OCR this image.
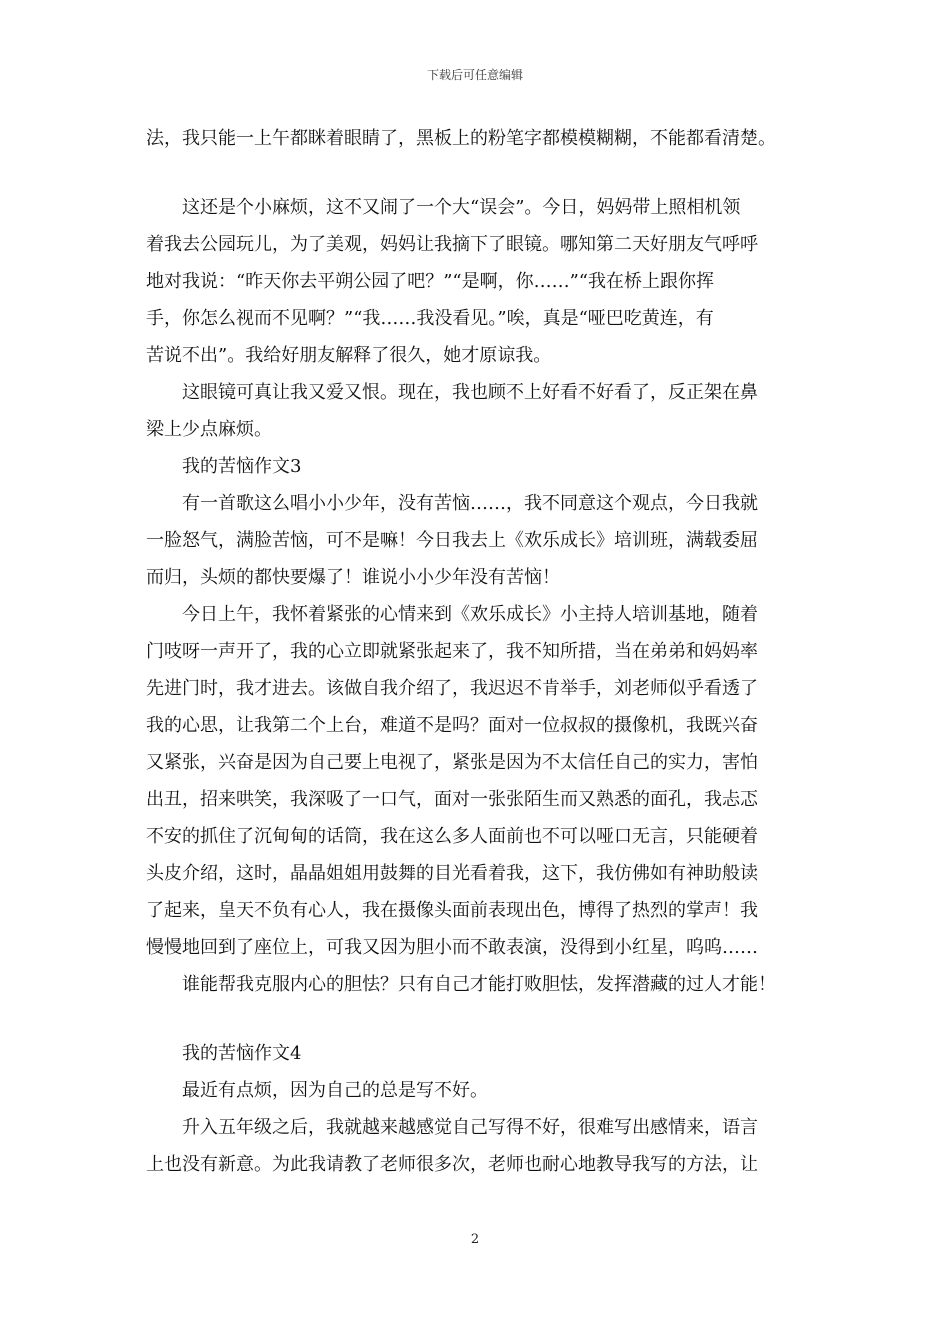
下载后可任意编辑
法，我只能一上午都眯着眼睛了，黑板上的粉笔字都模模糊糊，不能都看清楚。
这还是个小麻烦，这不又闹了一个大“误会”。今日，妈妈带上照相机领
着我去公园玩儿，为了美观，妈妈让我摘下了眼镜。哪知第二天好朋友气呼呼
地对我说：“昨天你去平朔公园了吧？”“是啊，你……”“我在桥上跟你挥
手，你怎么视而不见啊？”“我……我没看见。”唉，真是“哑巴吃黄连，有
苦说不出”。我给好朋友解释了很久，她才原谅我。
这眼镜可真让我又爱又恨。现在，我也顾不上好看不好看了，反正架在鼻
梁上少点麻烦。
我的苦恼作文3
有一首歌这么唱小小少年，没有苦恼……，我不同意这个观点，今日我就
一脸怒气，满脸苦恼，可不是嘛！今日我去上《欢乐成长》培训班，满载委屈
而归，头烦的都快要爆了！谁说小小少年没有苦恼！
今日上午，我怀着紧张的心情来到《欢乐成长》小主持人培训基地，随着
门吱呀一声开了，我的心立即就紧张起来了，我不知所措，当在弟弟和妈妈率
先进门时，我才进去。该做自我介绍了，我迟迟不肯举手，刘老师似乎看透了
我的心思，让我第二个上台，难道不是吗？面对一位叔叔的摄像机，我既兴奋
又紧张，兴奋是因为自己要上电视了，紧张是因为不太信任自己的实力，害怕
出丑，招来哄笑，我深吸了一口气，面对一张张陌生而又熟悉的面孔，我忐忑
不安的抓住了沉甸甸的话筒，我在这么多人面前也不可以哑口无言，只能硬着
头皮介绍，这时，晶晶姐姐用鼓舞的目光看着我，这下，我仿佛如有神助般读
了起来，皇天不负有心人，我在摄像头面前表现出色，博得了热烈的掌声！我
慢慢地回到了座位上，可我又因为胆小而不敢表演，没得到小红星，呜呜……
谁能帮我克服内心的胆怯？只有自己才能打败胆怯，发挥潜藏的过人才能！
我的苦恼作文4
最近有点烦，因为自己的总是写不好。
升入五年级之后，我就越来越感觉自己写得不好，很难写出感情来，语言
上也没有新意。为此我请教了老师很多次，老师也耐心地教导我写的方法，让
2
